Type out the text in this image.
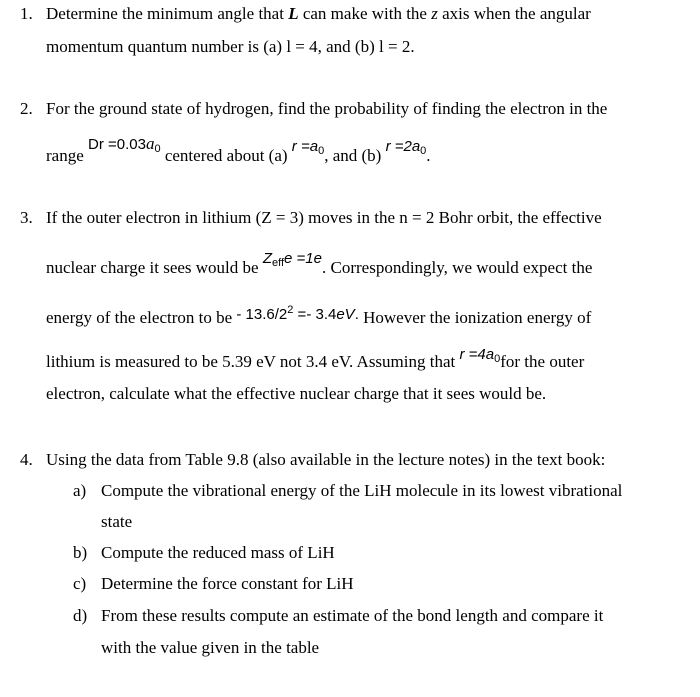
1. Determine the minimum angle that L can make with the z axis when the angular
momentum quantum number is (a) l = 4, and (b) l = 2.
2. For the ground state of hydrogen, find the probability of finding the electron in the
range $Dr =0.03a_0$ centered about (a) $r =a_0$, and (b) $r =2a_0$.
3. If the outer electron in lithium (Z = 3) moves in the n = 2 Bohr orbit, the effective
nuclear charge it sees would be $Z_{eff}e =1e$. Correspondingly, we would expect the
energy of the electron to be - $13.6/2^2 =- 3.4eV$. However the ionization energy of
lithium is measured to be 5.39 eV not 3.4 eV. Assuming that $r =4a_0for$ the outer
electron, calculate what the effective nuclear charge that it sees would be.
4. Using the data from Table 9.8 (also available in the lecture notes) in the text book:
a) Compute the vibrational energy of the LiH molecule in its lowest vibrational
state
b) Compute the reduced mass of LiH
c) Determine the force constant for LiH
d) From these results compute an estimate of the bond length and compare it
with the value given in the table
